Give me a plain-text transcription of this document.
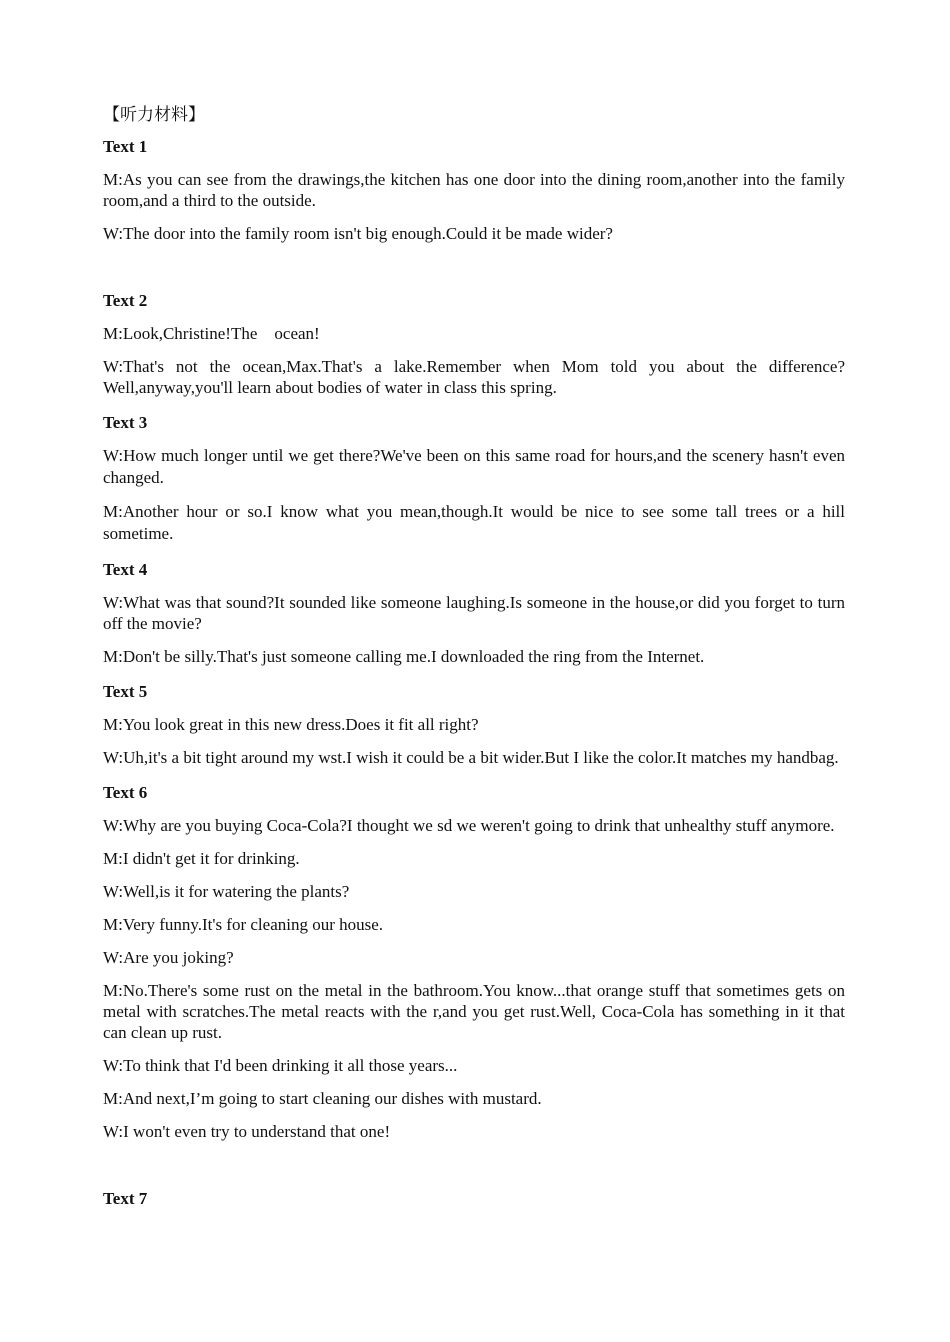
【听力材料】
Text 1

M:As you can see from the drawings,the kitchen has one door into the dining room,another into the family room,and a third to the outside.

W:The door into the family room isn't big enough.Could it be made wider?

Text 2

M:Look,Christine!The    ocean!

W:That's not the ocean,Max.That's a lake.Remember when Mom told you about the difference? Well,anyway,you'll learn about bodies of water in class this spring.

Text 3

W:How much longer until we get there?We've been on this same road for hours,and the scenery hasn't even changed.

M:Another hour or so.I know what you mean,though.It would be nice to see some tall trees or a hill sometime.

Text 4

W:What was that sound?It sounded like someone laughing.Is someone in the house,or did you forget to turn off the movie?

M:Don't be silly.That's just someone calling me.I downloaded the ring from the Internet.

Text 5

M:You look great in this new dress.Does it fit all right?

W:Uh,it's a bit tight around my wst.I wish it could be a bit wider.But I like the color.It matches my handbag.

Text 6

W:Why are you buying Coca-Cola?I thought we sd we weren't going to drink that unhealthy stuff anymore.

M:I didn't get it for drinking.

W:Well,is it for watering the plants?

M:Very funny.It's for cleaning our house.

W:Are you joking?

M:No.There's some rust on the metal in the bathroom.You know...that orange stuff that sometimes gets on metal with scratches.The metal reacts with the r,and you get rust.Well, Coca-Cola has something in it that can clean up rust.

W:To think that I'd been drinking it all those years...

M:And next,I’m going to start cleaning our dishes with mustard.

W:I won't even try to understand that one!

Text 7
